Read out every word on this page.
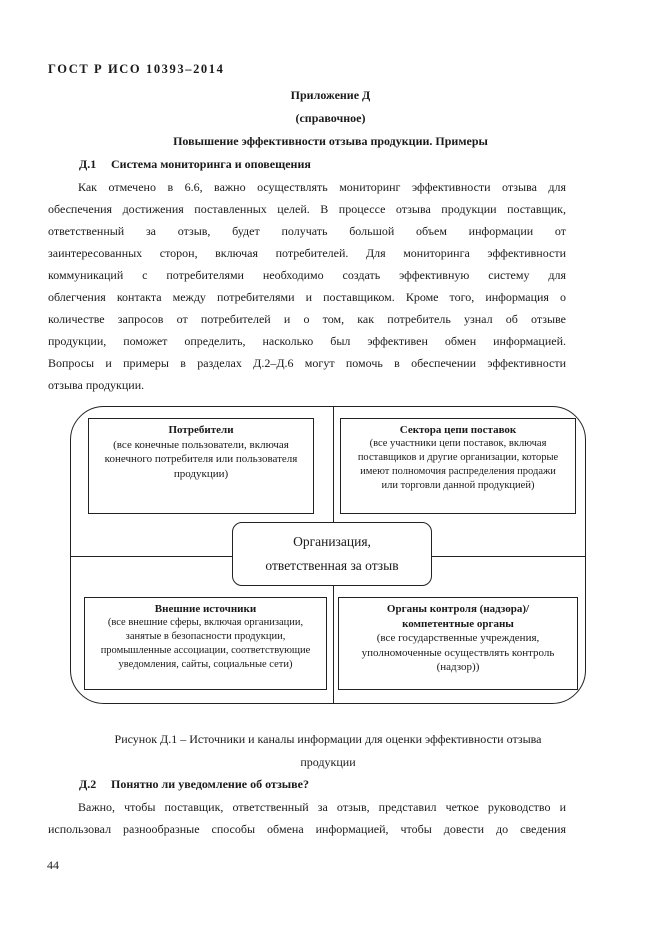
ГОСТ Р ИСО 10393–2014
Приложение Д
(справочное)
Повышение эффективности отзыва продукции. Примеры
Д.1 Система мониторинга и оповещения
Как отмечено в 6.6, важно осуществлять мониторинг эффективности отзыва для
обеспечения достижения поставленных целей. В процессе отзыва продукции поставщик,
ответственный за отзыв, будет получать большой объем информации от
заинтересованных сторон, включая потребителей. Для мониторинга эффективности
коммуникаций с потребителями необходимо создать эффективную систему для
облегчения контакта между потребителями и поставщиком. Кроме того, информация о
количестве запросов от потребителей и о том, как потребитель узнал об отзыве
продукции, поможет определить, насколько был эффективен обмен информацией.
Вопросы и примеры в разделах Д.2–Д.6 могут помочь в обеспечении эффективности
отзыва продукции.
Потребители
(все конечные пользователи, включая конечного потребителя или пользователя продукции)
Сектора цепи поставок
(все участники цепи поставок, включая поставщиков и другие организации, которые имеют полномочия распределения продажи или торговли данной продукцией)
Организация,
ответственная за отзыв
Внешние источники
(все внешние сферы, включая организации, занятые в безопасности продукции, промышленные ассоциации, соответствующие уведомления, сайты, социальные сети)
Органы контроля (надзора)/ компетентные органы
(все государственные учреждения, уполномоченные осуществлять контроль (надзор))
Рисунок Д.1 – Источники и каналы информации для оценки эффективности отзыва
продукции
Д.2 Понятно ли уведомление об отзыве?
Важно, чтобы поставщик, ответственный за отзыв, представил четкое руководство и
использовал разнообразные способы обмена информацией, чтобы довести до сведения
44
